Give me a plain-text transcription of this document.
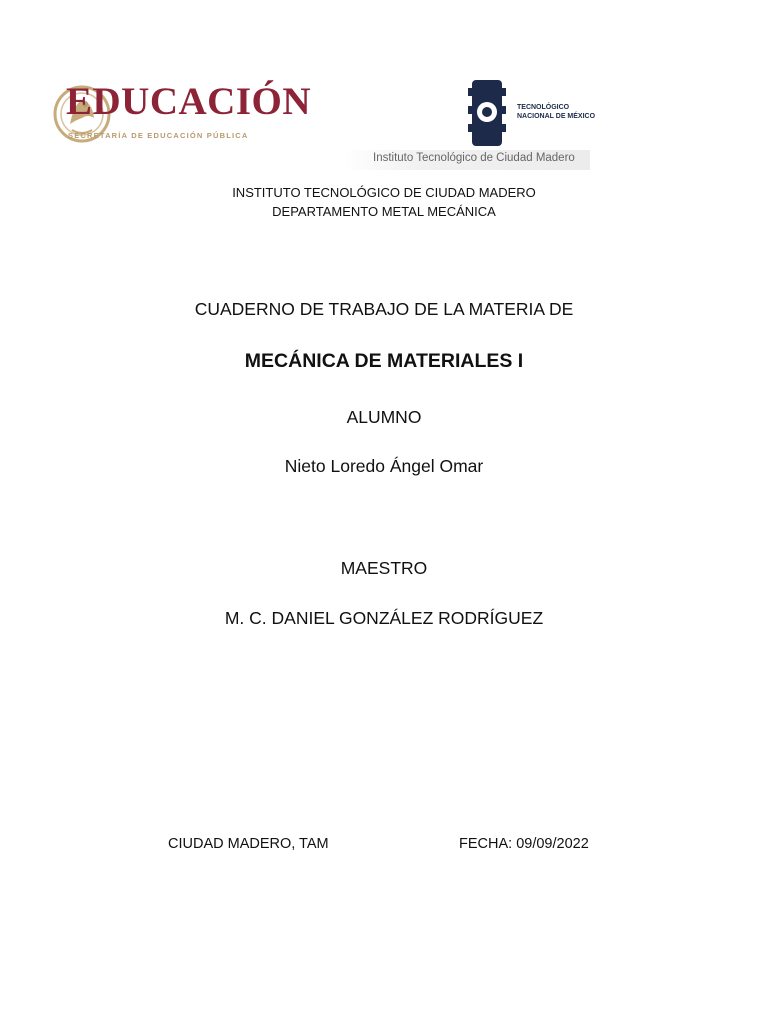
EDUCACIÓN
SECRETARÍA DE EDUCACIÓN PÚBLICA
TECNOLÓGICO
NACIONAL DE MÉXICO
Instituto Tecnológico de Ciudad Madero
INSTITUTO TECNOLÓGICO DE CIUDAD MADERO
DEPARTAMENTO METAL MECÁNICA
CUADERNO DE TRABAJO DE LA MATERIA DE
MECÁNICA DE MATERIALES I
ALUMNO
Nieto Loredo Ángel Omar
MAESTRO
M. C. DANIEL GONZÁLEZ RODRÍGUEZ
CIUDAD MADERO, TAM	FECHA: 09/09/2022
